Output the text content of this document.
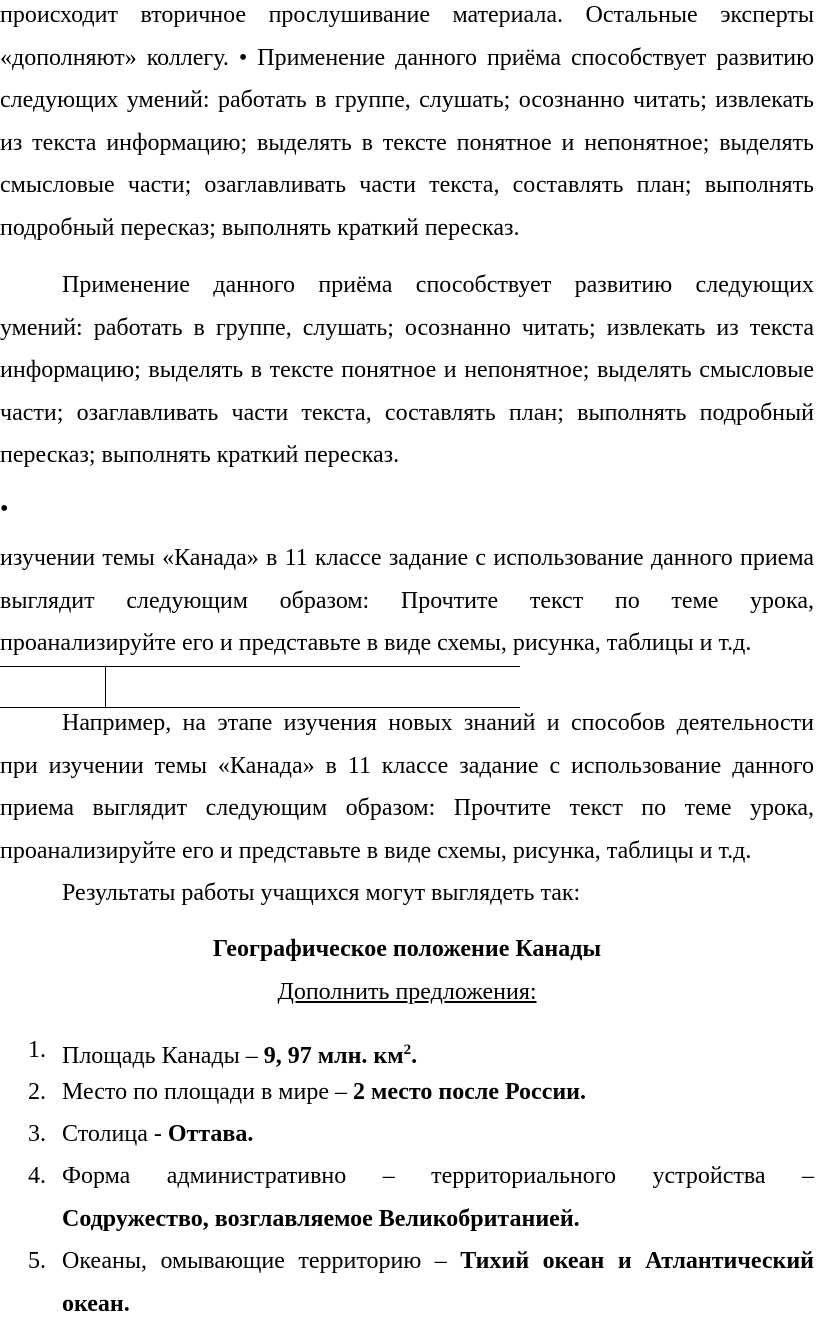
происходит вторичное прослушивание материала. Остальные эксперты «дополняют» коллегу. • Применение данного приёма способствует развитию следующих умений: работать в группе, слушать; осознанно читать; извлекать из текста информацию; выделять в тексте понятное и непонятное; выделять смысловые части; озаглавливать части текста, составлять план; выполнять подробный пересказ; выполнять краткий пересказ.

Применение данного приёма способствует развитию следующих умений: работать в группе, слушать; осознанно читать; извлекать из текста информацию; выделять в тексте понятное и непонятное; выделять смысловые части; озаглавливать части текста, составлять план; выполнять подробный пересказ; выполнять краткий пересказ.

•

изучении темы «Канада» в 11 классе задание с использование данного приема выглядит следующим образом: Прочтите текст по теме урока, проанализируйте его и представьте в виде схемы, рисунка, таблицы и т.д.

Например, на этапе изучения новых знаний и способов деятельности при изучении темы «Канада» в 11 классе задание с использование данного приема выглядит следующим образом: Прочтите текст по теме урока, проанализируйте его и представьте в виде схемы, рисунка, таблицы и т.д.

Результаты работы учащихся могут выглядеть так:
Географическое положение Канады
Дополнить предложения:
1. Площадь Канады – 9, 97 млн. $км^2$.
2. Место по площади в мире – 2 место после России.
3. Столица - Оттава.
4. Форма административно – территориального устройства –
Содружество, возглавляемое Великобританией.
5. Океаны, омывающие территорию – Тихий океан и Атлантический океан.
